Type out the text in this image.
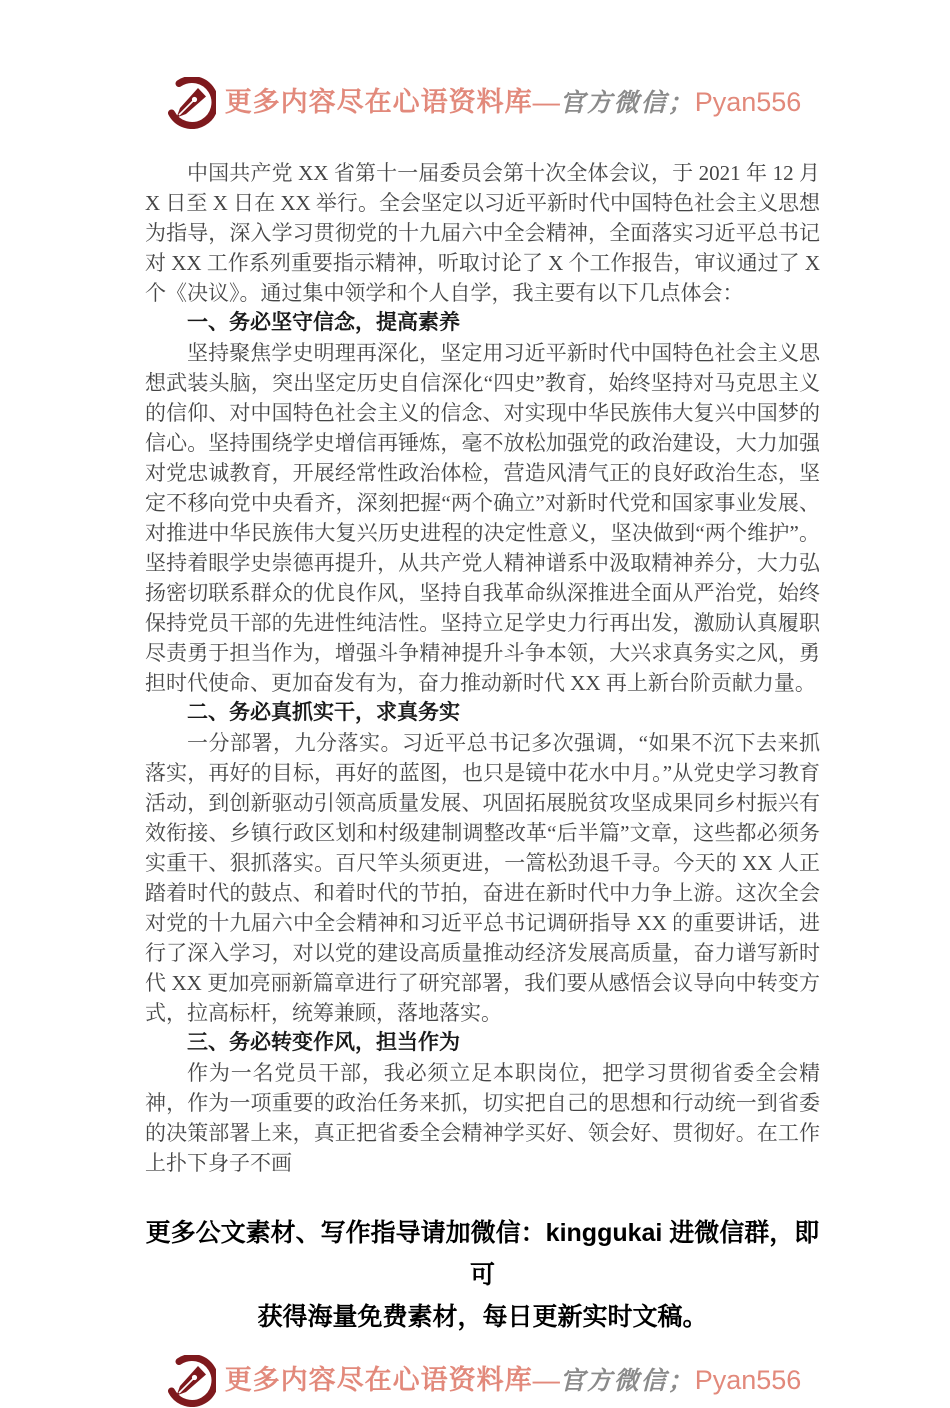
更多内容尽在心语资料库—官方微信；Pyan556

中国共产党 XX 省第十一届委员会第十次全体会议，于 2021 年 12 月 X 日至 X 日在 XX 举行。全会坚定以习近平新时代中国特色社会主义思想为指导，深入学习贯彻党的十九届六中全会精神，全面落实习近平总书记对 XX 工作系列重要指示精神，听取讨论了 X 个工作报告，审议通过了 X 个《决议》。通过集中领学和个人自学，我主要有以下几点体会：

一、务必坚守信念，提高素养

坚持聚焦学史明理再深化，坚定用习近平新时代中国特色社会主义思想武装头脑，突出坚定历史自信深化“四史”教育，始终坚持对马克思主义的信仰、对中国特色社会主义的信念、对实现中华民族伟大复兴中国梦的信心。坚持围绕学史增信再锤炼，毫不放松加强党的政治建设，大力加强对党忠诚教育，开展经常性政治体检，营造风清气正的良好政治生态，坚定不移向党中央看齐，深刻把握“两个确立”对新时代党和国家事业发展、对推进中华民族伟大复兴历史进程的决定性意义，坚决做到“两个维护”。坚持着眼学史崇德再提升，从共产党人精神谱系中汲取精神养分，大力弘扬密切联系群众的优良作风，坚持自我革命纵深推进全面从严治党，始终保持党员干部的先进性纯洁性。坚持立足学史力行再出发，激励认真履职尽责勇于担当作为，增强斗争精神提升斗争本领，大兴求真务实之风，勇担时代使命、更加奋发有为，奋力推动新时代 XX 再上新台阶贡献力量。

二、务必真抓实干，求真务实

一分部署，九分落实。习近平总书记多次强调，“如果不沉下去来抓落实，再好的目标，再好的蓝图，也只是镜中花水中月。”从党史学习教育活动，到创新驱动引领高质量发展、巩固拓展脱贫攻坚成果同乡村振兴有效衔接、乡镇行政区划和村级建制调整改革“后半篇”文章，这些都必须务实重干、狠抓落实。百尺竿头须更进，一篙松劲退千寻。今天的 XX 人正踏着时代的鼓点、和着时代的节拍，奋进在新时代中力争上游。这次全会对党的十九届六中全会精神和习近平总书记调研指导 XX 的重要讲话，进行了深入学习，对以党的建设高质量推动经济发展高质量，奋力谱写新时代 XX 更加亮丽新篇章进行了研究部署，我们要从感悟会议导向中转变方式，拉高标杆，统筹兼顾，落地落实。

三、务必转变作风，担当作为

作为一名党员干部，我必须立足本职岗位，把学习贯彻省委全会精神，作为一项重要的政治任务来抓，切实把自己的思想和行动统一到省委的决策部署上来，真正把省委全会精神学买好、领会好、贯彻好。在工作上扑下身子不画

更多公文素材、写作指导请加微信：kinggukai 进微信群，即可
获得海量免费素材，每日更新实时文稿。
更多内容尽在心语资料库—官方微信；Pyan556
